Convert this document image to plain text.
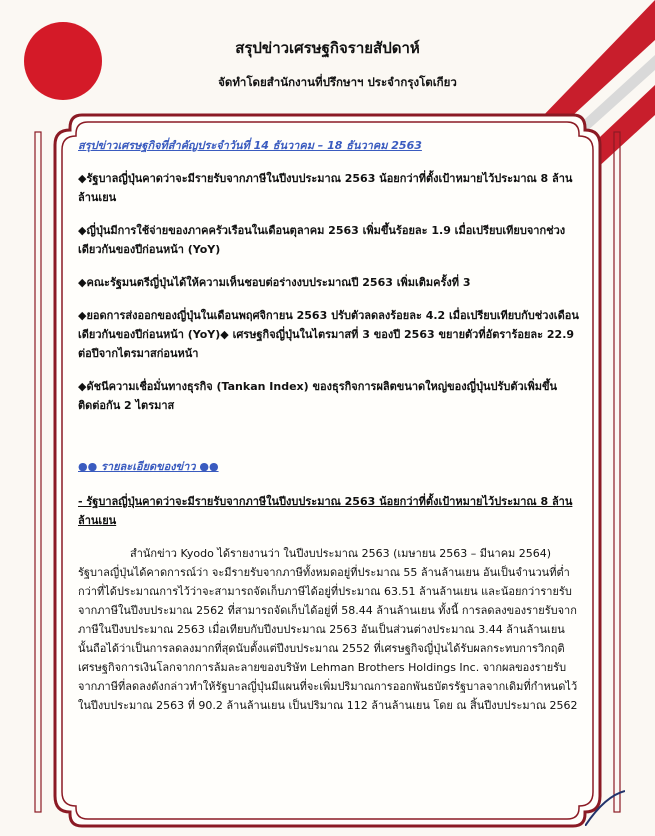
สรุปข่าวเศรษฐกิจรายสัปดาห์
จัดทำโดยสำนักงานที่ปรึกษาฯ ประจำกรุงโตเกียว
สรุปข่าวเศรษฐกิจที่สำคัญประจำวันที่ 14 ธันวาคม – 18 ธันวาคม 2563
◆รัฐบาลญี่ปุ่นคาดว่าจะมีรายรับจากภาษีในปีงบประมาณ 2563 น้อยกว่าที่ตั้งเป้าหมายไว้ประมาณ 8 ล้านล้านเยน
◆ญี่ปุ่นมีการใช้จ่ายของภาคครัวเรือนในเดือนตุลาคม 2563 เพิ่มขึ้นร้อยละ 1.9 เมื่อเปรียบเทียบจากช่วงเดียวกันของปีก่อนหน้า (YoY)
◆คณะรัฐมนตรีญี่ปุ่นได้ให้ความเห็นชอบต่อร่างงบประมาณปี 2563 เพิ่มเติมครั้งที่ 3
◆ยอดการส่งออกของญี่ปุ่นในเดือนพฤศจิกายน 2563 ปรับตัวลดลงร้อยละ 4.2 เมื่อเปรียบเทียบกับช่วงเดือนเดียวกันของปีก่อนหน้า (YoY)◆ เศรษฐกิจญี่ปุ่นในไตรมาสที่ 3 ของปี 2563 ขยายตัวที่อัตราร้อยละ 22.9 ต่อปีจากไตรมาสก่อนหน้า
◆ดัชนีความเชื่อมั่นทางธุรกิจ (Tankan Index) ของธุรกิจการผลิตขนาดใหญ่ของญี่ปุ่นปรับตัวเพิ่มขึ้นติดต่อกัน 2 ไตรมาส
●● รายละเอียดของข่าว ●●
- รัฐบาลญี่ปุ่นคาดว่าจะมีรายรับจากภาษีในปีงบประมาณ 2563 น้อยกว่าที่ตั้งเป้าหมายไว้ประมาณ 8 ล้านล้านเยน

สำนักข่าว Kyodo ได้รายงานว่า ในปีงบประมาณ 2563 (เมษายน 2563 – มีนาคม 2564) รัฐบาลญี่ปุ่นได้คาดการณ์ว่า จะมีรายรับจากภาษีทั้งหมดอยู่ที่ประมาณ 55 ล้านล้านเยน อันเป็นจำนวนที่ต่ำกว่าที่ได้ประมาณการไว้ว่าจะสามารถจัดเก็บภาษีได้อยู่ที่ประมาณ 63.51 ล้านล้านเยน และน้อยกว่ารายรับจากภาษีในปีงบประมาณ 2562 ที่สามารถจัดเก็บได้อยู่ที่ 58.44 ล้านล้านเยน ทั้งนี้ การลดลงของรายรับจากภาษีในปีงบประมาณ 2563 เมื่อเทียบกับปีงบประมาณ 2563 อันเป็นส่วนต่างประมาณ 3.44 ล้านล้านเยน นั้นถือได้ว่าเป็นการลดลงมากที่สุดนับตั้งแต่ปีงบประมาณ 2552 ที่เศรษฐกิจญี่ปุ่นได้รับผลกระทบการวิกฤติเศรษฐกิจการเงินโลกจากการล้มละลายของบริษัท Lehman Brothers Holdings Inc. จากผลของรายรับจากภาษีที่ลดลงดังกล่าวทำให้รัฐบาลญี่ปุ่นมีแผนที่จะเพิ่มปริมาณการออกพันธบัตรรัฐบาลจากเดิมที่กำหนดไว้ในปีงบประมาณ 2563 ที่ 90.2 ล้านล้านเยน เป็นปริมาณ 112 ล้านล้านเยน โดย ณ สิ้นปีงบประมาณ 2562
